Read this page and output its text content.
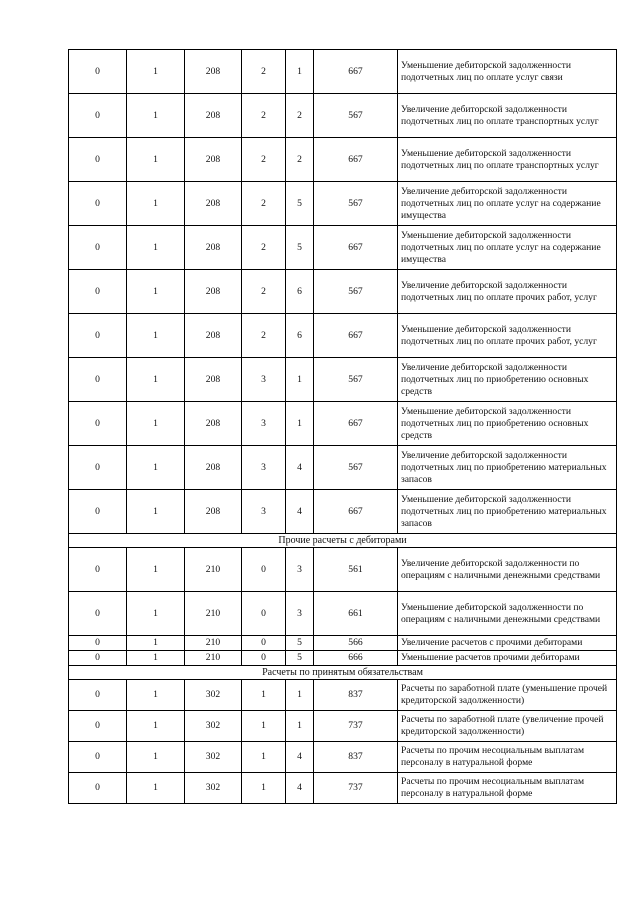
0	1	208	2	1	667	Уменьшение дебиторской задолженности подотчетных лиц по оплате услуг связи
0	1	208	2	2	567	Увеличение дебиторской задолженности подотчетных лиц по оплате транспортных услуг
0	1	208	2	2	667	Уменьшение дебиторской задолженности подотчетных лиц по оплате транспортных услуг
0	1	208	2	5	567	Увеличение дебиторской задолженности подотчетных лиц по оплате услуг на содержание имущества
0	1	208	2	5	667	Уменьшение дебиторской задолженности подотчетных лиц по оплате услуг на содержание имущества
0	1	208	2	6	567	Увеличение дебиторской задолженности подотчетных лиц по оплате прочих работ, услуг
0	1	208	2	6	667	Уменьшение дебиторской задолженности подотчетных лиц по оплате прочих работ, услуг
0	1	208	3	1	567	Увеличение дебиторской задолженности подотчетных лиц по приобретению основных средств
0	1	208	3	1	667	Уменьшение дебиторской задолженности подотчетных лиц по приобретению основных средств
0	1	208	3	4	567	Увеличение дебиторской задолженности подотчетных лиц по приобретению материальных запасов
0	1	208	3	4	667	Уменьшение дебиторской задолженности подотчетных лиц по приобретению материальных запасов
Прочие расчеты с дебиторами						
0	1	210	0	3	561	Увеличение дебиторской задолженности по операциям с наличными денежными средствами
0	1	210	0	3	661	Уменьшение дебиторской задолженности по операциям с наличными денежными средствами
0	1	210	0	5	566	Увеличение расчетов с прочими дебиторами
0	1	210	0	5	666	Уменьшение расчетов прочими дебиторами
Расчеты по принятым обязательствам						
0	1	302	1	1	837	Расчеты по заработной плате (уменьшение прочей кредиторской задолженности)
0	1	302	1	1	737	Расчеты по заработной плате (увеличение прочей кредиторской задолженности)
0	1	302	1	4	837	Расчеты по прочим несоциальным выплатам персоналу в натуральной форме
0	1	302	1	4	737	Расчеты по прочим несоциальным выплатам персоналу в натуральной форме
